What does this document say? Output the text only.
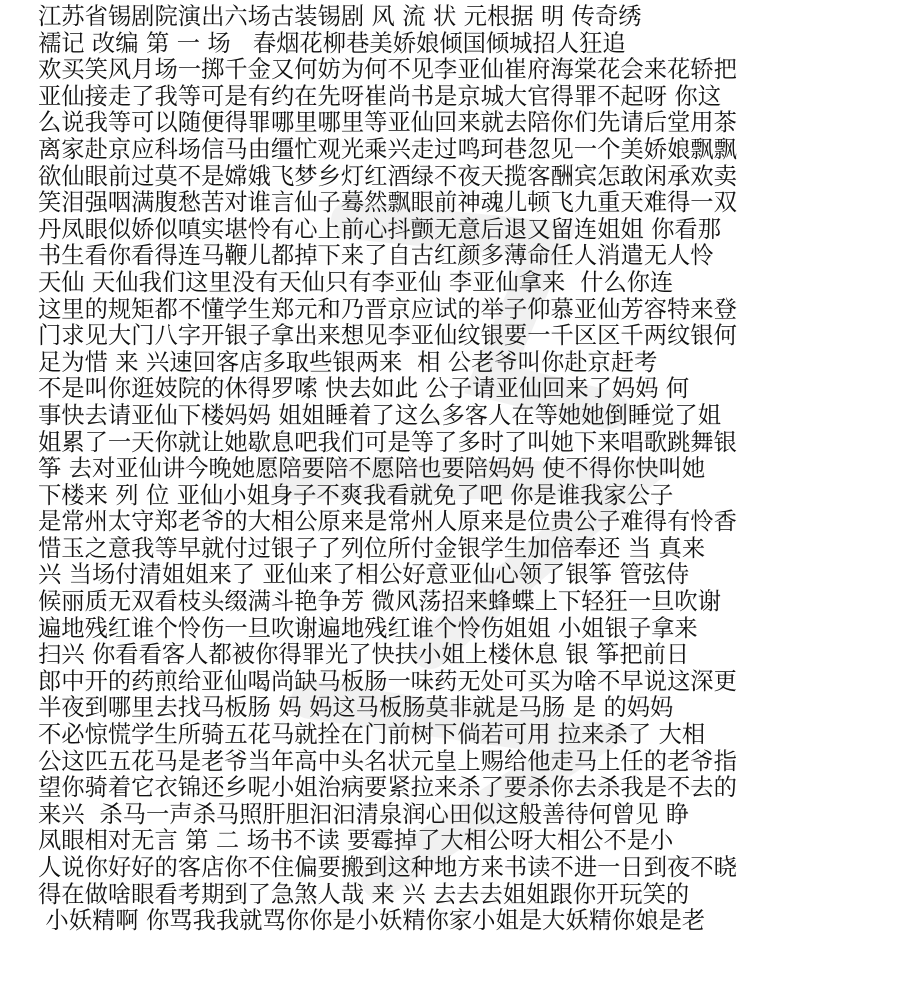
江苏省锡剧院演出六场古装锡剧 风 流 状 元根据 明 传奇绣
襦记 改编 第 一 场   春烟花柳巷美娇娘倾国倾城招人狂追
欢买笑风月场一掷千金又何妨为何不见李亚仙崔府海棠花会来花轿把
亚仙接走了我等可是有约在先呀崔尚书是京城大官得罪不起呀 你这
么说我等可以随便得罪哪里哪里等亚仙回来就去陪你们先请后堂用茶
离家赴京应科场信马由缰忙观光乘兴走过鸣珂巷忽见一个美娇娘飘飘
欲仙眼前过莫不是嫦娥飞梦乡灯红酒绿不夜天揽客酬宾怎敢闲承欢卖
笑泪强咽满腹愁苦对谁言仙子蓦然飘眼前神魂儿顿飞九重天难得一双
丹凤眼似娇似嗔实堪怜有心上前心抖颤无意后退又留连姐姐 你看那
书生看你看得连马鞭儿都掉下来了自古红颜多薄命任人消遣无人怜
天仙 天仙我们这里没有天仙只有李亚仙 李亚仙拿来  什么你连
这里的规矩都不懂学生郑元和乃晋京应试的举子仰慕亚仙芳容特来登
门求见大门八字开银子拿出来想见李亚仙纹银要一千区区千两纹银何
足为惜 来 兴速回客店多取些银两来  相 公老爷叫你赴京赶考
不是叫你逛妓院的休得罗嗦 快去如此 公子请亚仙回来了妈妈 何
事快去请亚仙下楼妈妈 姐姐睡着了这么多客人在等她她倒睡觉了姐
姐累了一天你就让她歇息吧我们可是等了多时了叫她下来唱歌跳舞银
筝 去对亚仙讲今晚她愿陪要陪不愿陪也要陪妈妈 使不得你快叫她
下楼来 列 位 亚仙小姐身子不爽我看就免了吧 你是谁我家公子
是常州太守郑老爷的大相公原来是常州人原来是位贵公子难得有怜香
惜玉之意我等早就付过银子了列位所付金银学生加倍奉还 当 真来
兴 当场付清姐姐来了 亚仙来了相公好意亚仙心领了银筝 管弦侍
候丽质无双看枝头缀满斗艳争芳 微风荡招来蜂蝶上下轻狂一旦吹谢
遍地残红谁个怜伤一旦吹谢遍地残红谁个怜伤姐姐 小姐银子拿来
扫兴 你看看客人都被你得罪光了快扶小姐上楼休息 银 筝把前日
郎中开的药煎给亚仙喝尚缺马板肠一味药无处可买为啥不早说这深更
半夜到哪里去找马板肠 妈 妈这马板肠莫非就是马肠 是 的妈妈
不必惊慌学生所骑五花马就拴在门前树下倘若可用 拉来杀了 大相
公这匹五花马是老爷当年高中头名状元皇上赐给他走马上任的老爷指
望你骑着它衣锦还乡呢小姐治病要紧拉来杀了要杀你去杀我是不去的
来兴  杀马一声杀马照肝胆汩汩清泉润心田似这般善待何曾见 睁
凤眼相对无言 第 二 场书不读 要霉掉了大相公呀大相公不是小
人说你好好的客店你不住偏要搬到这种地方来书读不进一日到夜不晓
得在做啥眼看考期到了急煞人哉 来 兴 去去去姐姐跟你开玩笑的
小妖精啊 你骂我我就骂你你是小妖精你家小姐是大妖精你娘是老
